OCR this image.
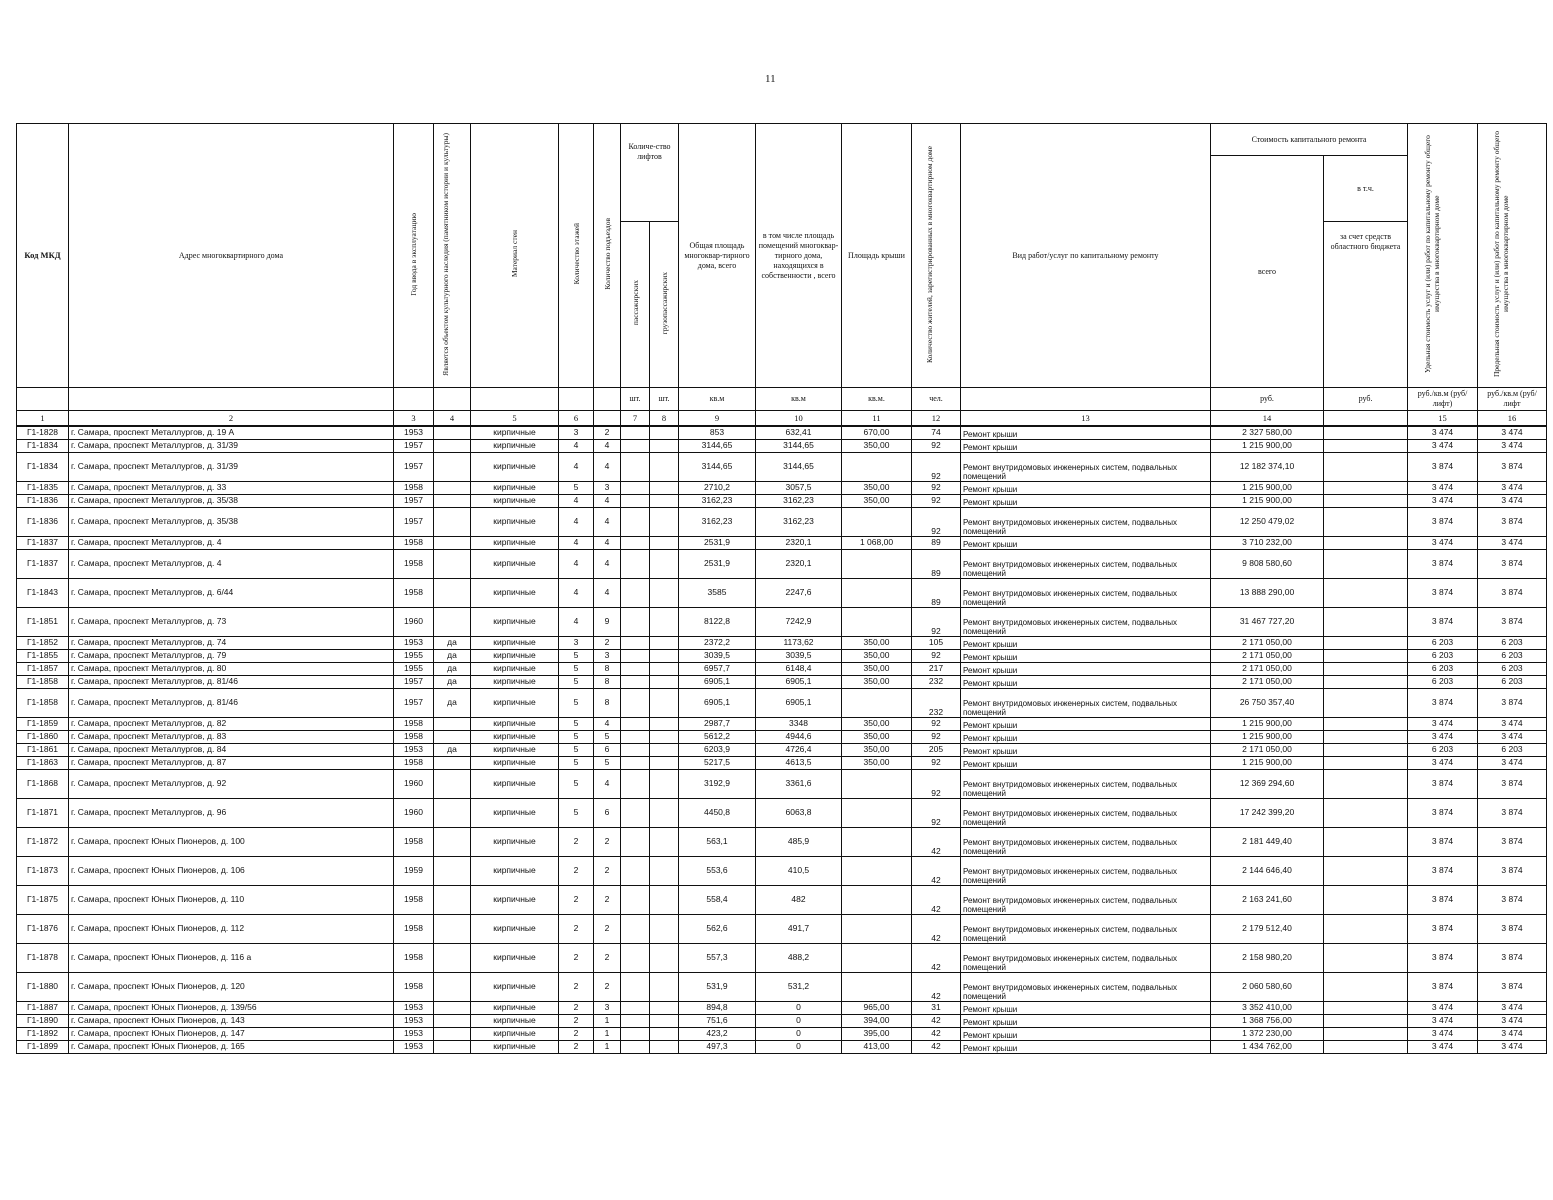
11
Код МКД	Адрес многоквартирного дома	Год ввода в эксплуатацию	Является объектом культурного наследия (памятником истории и культуры)	Материал стен	Количество этажей	Количество подъездов	Количе-ство лифтов		Общая площадь многоквар-тирного дома, всего	в том числе площадь помещений многоквар-тирного дома, находящихся в собственности , всего	Площадь крыши	Количество жителей, зарегистрированных в многоквартирном доме	Вид работ/услуг по капитальному ремонту	Стоимость капитального ремонта		Удельная стоимость услуг и (или) работ по капитальному ремонту общего имущества в многоквартирном доме	Предельная стоимость услуг и (или) работ по капитальному ремонту общего имущества в многоквартирном доме
														всего	в т.ч.		
							пассажирских	грузопассажирских							за счет средств областного бюджета		
							шт.	шт.	кв.м	кв.м	кв.м.	чел.		руб.	руб.	руб./кв.м (руб/лифт)	руб./кв.м (руб/лифт
1	2	3	4	5	6		7	8	9	10	11	12	13	14		15	16
Г1-1828	г. Самара, проспект Металлургов, д. 19 А	1953		кирпичные	3	2			853	632,41	670,00	74	Ремонт крыши	2 327 580,00		3 474	3 474
Г1-1834	г. Самара, проспект Металлургов, д. 31/39	1957		кирпичные	4	4			3144,65	3144,65	350,00	92	Ремонт крыши	1 215 900,00		3 474	3 474
Г1-1834	г. Самара, проспект Металлургов, д. 31/39	1957		кирпичные	4	4			3144,65	3144,65		92	Ремонт внутридомовых инженерных систем, подвальных помещений	12 182 374,10		3 874	3 874
Г1-1835	г. Самара, проспект Металлургов, д. 33	1958		кирпичные	5	3			2710,2	3057,5	350,00	92	Ремонт крыши	1 215 900,00		3 474	3 474
Г1-1836	г. Самара, проспект Металлургов, д. 35/38	1957		кирпичные	4	4			3162,23	3162,23	350,00	92	Ремонт крыши	1 215 900,00		3 474	3 474
Г1-1836	г. Самара, проспект Металлургов, д. 35/38	1957		кирпичные	4	4			3162,23	3162,23		92	Ремонт внутридомовых инженерных систем, подвальных помещений	12 250 479,02		3 874	3 874
Г1-1837	г. Самара, проспект Металлургов, д. 4	1958		кирпичные	4	4			2531,9	2320,1	1 068,00	89	Ремонт крыши	3 710 232,00		3 474	3 474
Г1-1837	г. Самара, проспект Металлургов, д. 4	1958		кирпичные	4	4			2531,9	2320,1		89	Ремонт внутридомовых инженерных систем, подвальных помещений	9 808 580,60		3 874	3 874
Г1-1843	г. Самара, проспект Металлургов, д. 6/44	1958		кирпичные	4	4			3585	2247,6		89	Ремонт внутридомовых инженерных систем, подвальных помещений	13 888 290,00		3 874	3 874
Г1-1851	г. Самара, проспект Металлургов, д. 73	1960		кирпичные	4	9			8122,8	7242,9		92	Ремонт внутридомовых инженерных систем, подвальных помещений	31 467 727,20		3 874	3 874
Г1-1852	г. Самара, проспект Металлургов, д. 74	1953	да	кирпичные	3	2			2372,2	1173,62	350,00	105	Ремонт крыши	2 171 050,00		6 203	6 203
Г1-1855	г. Самара, проспект Металлургов, д. 79	1955	да	кирпичные	5	3			3039,5	3039,5	350,00	92	Ремонт крыши	2 171 050,00		6 203	6 203
Г1-1857	г. Самара, проспект Металлургов, д. 80	1955	да	кирпичные	5	8			6957,7	6148,4	350,00	217	Ремонт крыши	2 171 050,00		6 203	6 203
Г1-1858	г. Самара, проспект Металлургов, д. 81/46	1957	да	кирпичные	5	8			6905,1	6905,1	350,00	232	Ремонт крыши	2 171 050,00		6 203	6 203
Г1-1858	г. Самара, проспект Металлургов, д. 81/46	1957	да	кирпичные	5	8			6905,1	6905,1		232	Ремонт внутридомовых инженерных систем, подвальных помещений	26 750 357,40		3 874	3 874
Г1-1859	г. Самара, проспект Металлургов, д. 82	1958		кирпичные	5	4			2987,7	3348	350,00	92	Ремонт крыши	1 215 900,00		3 474	3 474
Г1-1860	г. Самара, проспект Металлургов, д. 83	1958		кирпичные	5	5			5612,2	4944,6	350,00	92	Ремонт крыши	1 215 900,00		3 474	3 474
Г1-1861	г. Самара, проспект Металлургов, д. 84	1953	да	кирпичные	5	6			6203,9	4726,4	350,00	205	Ремонт крыши	2 171 050,00		6 203	6 203
Г1-1863	г. Самара, проспект Металлургов, д. 87	1958		кирпичные	5	5			5217,5	4613,5	350,00	92	Ремонт крыши	1 215 900,00		3 474	3 474
Г1-1868	г. Самара, проспект Металлургов, д. 92	1960		кирпичные	5	4			3192,9	3361,6		92	Ремонт внутридомовых инженерных систем, подвальных помещений	12 369 294,60		3 874	3 874
Г1-1871	г. Самара, проспект Металлургов, д. 96	1960		кирпичные	5	6			4450,8	6063,8		92	Ремонт внутридомовых инженерных систем, подвальных помещений	17 242 399,20		3 874	3 874
Г1-1872	г. Самара, проспект Юных Пионеров, д. 100	1958		кирпичные	2	2			563,1	485,9		42	Ремонт внутридомовых инженерных систем, подвальных помещений	2 181 449,40		3 874	3 874
Г1-1873	г. Самара, проспект Юных Пионеров, д. 106	1959		кирпичные	2	2			553,6	410,5		42	Ремонт внутридомовых инженерных систем, подвальных помещений	2 144 646,40		3 874	3 874
Г1-1875	г. Самара, проспект Юных Пионеров, д. 110	1958		кирпичные	2	2			558,4	482		42	Ремонт внутридомовых инженерных систем, подвальных помещений	2 163 241,60		3 874	3 874
Г1-1876	г. Самара, проспект Юных Пионеров, д. 112	1958		кирпичные	2	2			562,6	491,7		42	Ремонт внутридомовых инженерных систем, подвальных помещений	2 179 512,40		3 874	3 874
Г1-1878	г. Самара, проспект Юных Пионеров, д. 116 а	1958		кирпичные	2	2			557,3	488,2		42	Ремонт внутридомовых инженерных систем, подвальных помещений	2 158 980,20		3 874	3 874
Г1-1880	г. Самара, проспект Юных Пионеров, д. 120	1958		кирпичные	2	2			531,9	531,2		42	Ремонт внутридомовых инженерных систем, подвальных помещений	2 060 580,60		3 874	3 874
Г1-1887	г. Самара, проспект Юных Пионеров, д. 139/56	1953		кирпичные	2	3			894,8	0	965,00	31	Ремонт крыши	3 352 410,00		3 474	3 474
Г1-1890	г. Самара, проспект Юных Пионеров, д. 143	1953		кирпичные	2	1			751,6	0	394,00	42	Ремонт крыши	1 368 756,00		3 474	3 474
Г1-1892	г. Самара, проспект Юных Пионеров, д. 147	1953		кирпичные	2	1			423,2	0	395,00	42	Ремонт крыши	1 372 230,00		3 474	3 474
Г1-1899	г. Самара, проспект Юных Пионеров, д. 165	1953		кирпичные	2	1			497,3	0	413,00	42	Ремонт крыши	1 434 762,00		3 474	3 474
